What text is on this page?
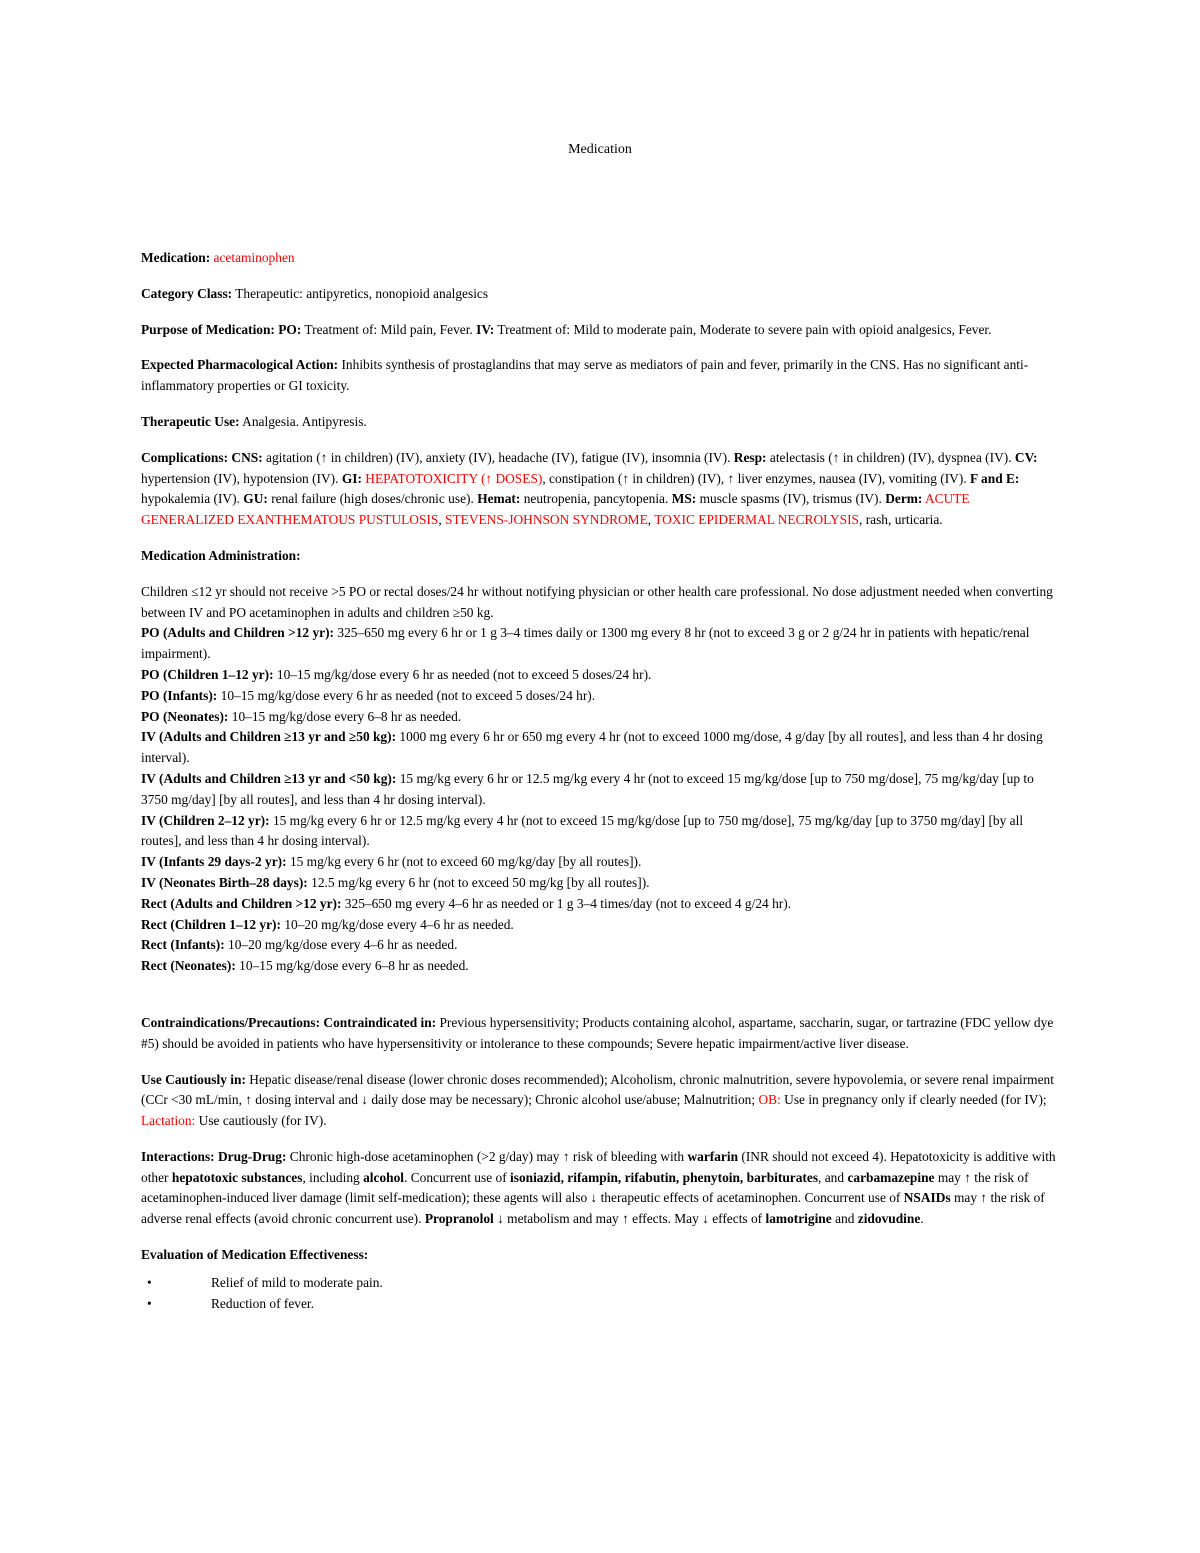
Medication

Medication: acetaminophen

Category Class: Therapeutic: antipyretics, nonopioid analgesics

Purpose of Medication: PO: Treatment of: Mild pain, Fever. IV: Treatment of: Mild to moderate pain, Moderate to severe pain with opioid analgesics, Fever.

Expected Pharmacological Action: Inhibits synthesis of prostaglandins that may serve as mediators of pain and fever, primarily in the CNS. Has no significant anti-inflammatory properties or GI toxicity.

Therapeutic Use: Analgesia. Antipyresis.

Complications: CNS: agitation (↑ in children) (IV), anxiety (IV), headache (IV), fatigue (IV), insomnia (IV). Resp: atelectasis (↑ in children) (IV), dyspnea (IV). CV: hypertension (IV), hypotension (IV). GI: HEPATOTOXICITY (↑ DOSES), constipation (↑ in children) (IV), ↑ liver enzymes, nausea (IV), vomiting (IV). F and E: hypokalemia (IV). GU: renal failure (high doses/chronic use). Hemat: neutropenia, pancytopenia. MS: muscle spasms (IV), trismus (IV). Derm: ACUTE GENERALIZED EXANTHEMATOUS PUSTULOSIS, STEVENS-JOHNSON SYNDROME, TOXIC EPIDERMAL NECROLYSIS, rash, urticaria.

Medication Administration:

Children ≤12 yr should not receive >5 PO or rectal doses/24 hr without notifying physician or other health care professional. No dose adjustment needed when converting between IV and PO acetaminophen in adults and children ≥50 kg.

PO (Adults and Children >12 yr): 325–650 mg every 6 hr or 1 g 3–4 times daily or 1300 mg every 8 hr (not to exceed 3 g or 2 g/24 hr in patients with hepatic/renal impairment).

PO (Children 1–12 yr): 10–15 mg/kg/dose every 6 hr as needed (not to exceed 5 doses/24 hr).

PO (Infants): 10–15 mg/kg/dose every 6 hr as needed (not to exceed 5 doses/24 hr).

PO (Neonates): 10–15 mg/kg/dose every 6–8 hr as needed.

IV (Adults and Children ≥13 yr and ≥50 kg): 1000 mg every 6 hr or 650 mg every 4 hr (not to exceed 1000 mg/dose, 4 g/day [by all routes], and less than 4 hr dosing interval).

IV (Adults and Children ≥13 yr and <50 kg): 15 mg/kg every 6 hr or 12.5 mg/kg every 4 hr (not to exceed 15 mg/kg/dose [up to 750 mg/dose], 75 mg/kg/day [up to 3750 mg/day] [by all routes], and less than 4 hr dosing interval).

IV (Children 2–12 yr): 15 mg/kg every 6 hr or 12.5 mg/kg every 4 hr (not to exceed 15 mg/kg/dose [up to 750 mg/dose], 75 mg/kg/day [up to 3750 mg/day] [by all routes], and less than 4 hr dosing interval).

IV (Infants 29 days-2 yr): 15 mg/kg every 6 hr (not to exceed 60 mg/kg/day [by all routes]).

IV (Neonates Birth–28 days): 12.5 mg/kg every 6 hr (not to exceed 50 mg/kg [by all routes]).

Rect (Adults and Children >12 yr): 325–650 mg every 4–6 hr as needed or 1 g 3–4 times/day (not to exceed 4 g/24 hr).

Rect (Children 1–12 yr): 10–20 mg/kg/dose every 4–6 hr as needed.

Rect (Infants): 10–20 mg/kg/dose every 4–6 hr as needed.

Rect (Neonates): 10–15 mg/kg/dose every 6–8 hr as needed.

Contraindications/Precautions: Contraindicated in: Previous hypersensitivity; Products containing alcohol, aspartame, saccharin, sugar, or tartrazine (FDC yellow dye #5) should be avoided in patients who have hypersensitivity or intolerance to these compounds; Severe hepatic impairment/active liver disease.

Use Cautiously in: Hepatic disease/renal disease (lower chronic doses recommended); Alcoholism, chronic malnutrition, severe hypovolemia, or severe renal impairment (CCr <30 mL/min, ↑ dosing interval and ↓ daily dose may be necessary); Chronic alcohol use/abuse; Malnutrition; OB: Use in pregnancy only if clearly needed (for IV); Lactation: Use cautiously (for IV).

Interactions: Drug-Drug: Chronic high-dose acetaminophen (>2 g/day) may ↑ risk of bleeding with warfarin (INR should not exceed 4). Hepatotoxicity is additive with other hepatotoxic substances, including alcohol. Concurrent use of isoniazid, rifampin, rifabutin, phenytoin, barbiturates, and carbamazepine may ↑ the risk of acetaminophen-induced liver damage (limit self-medication); these agents will also ↓ therapeutic effects of acetaminophen. Concurrent use of NSAIDs may ↑ the risk of adverse renal effects (avoid chronic concurrent use). Propranolol ↓ metabolism and may ↑ effects. May ↓ effects of lamotrigine and zidovudine.

Evaluation of Medication Effectiveness:

•	Relief of mild to moderate pain.
•	Reduction of fever.
